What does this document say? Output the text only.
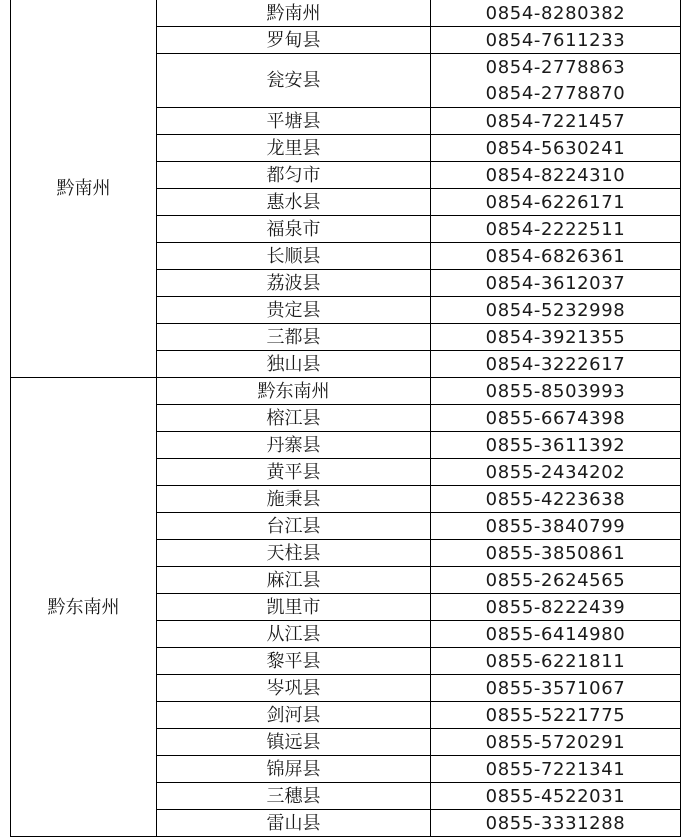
黔南州	黔南州	0854-8280382

	罗甸县	0854-7611233

	瓮安县	0854-2778863
0854-2778870

	平塘县	0854-7221457

	龙里县	0854-5630241

	都匀市	0854-8224310

	惠水县	0854-6226171

	福泉市	0854-2222511

	长顺县	0854-6826361

	荔波县	0854-3612037

	贵定县	0854-5232998

	三都县	0854-3921355

	独山县	0854-3222617

黔东南州	黔东南州	0855-8503993

	榕江县	0855-6674398

	丹寨县	0855-3611392

	黄平县	0855-2434202

	施秉县	0855-4223638

	台江县	0855-3840799

	天柱县	0855-3850861

	麻江县	0855-2624565

	凯里市	0855-8222439

	从江县	0855-6414980

	黎平县	0855-6221811

	岑巩县	0855-3571067

	剑河县	0855-5221775

	镇远县	0855-5720291

	锦屏县	0855-7221341

	三穗县	0855-4522031

	雷山县	0855-3331288
